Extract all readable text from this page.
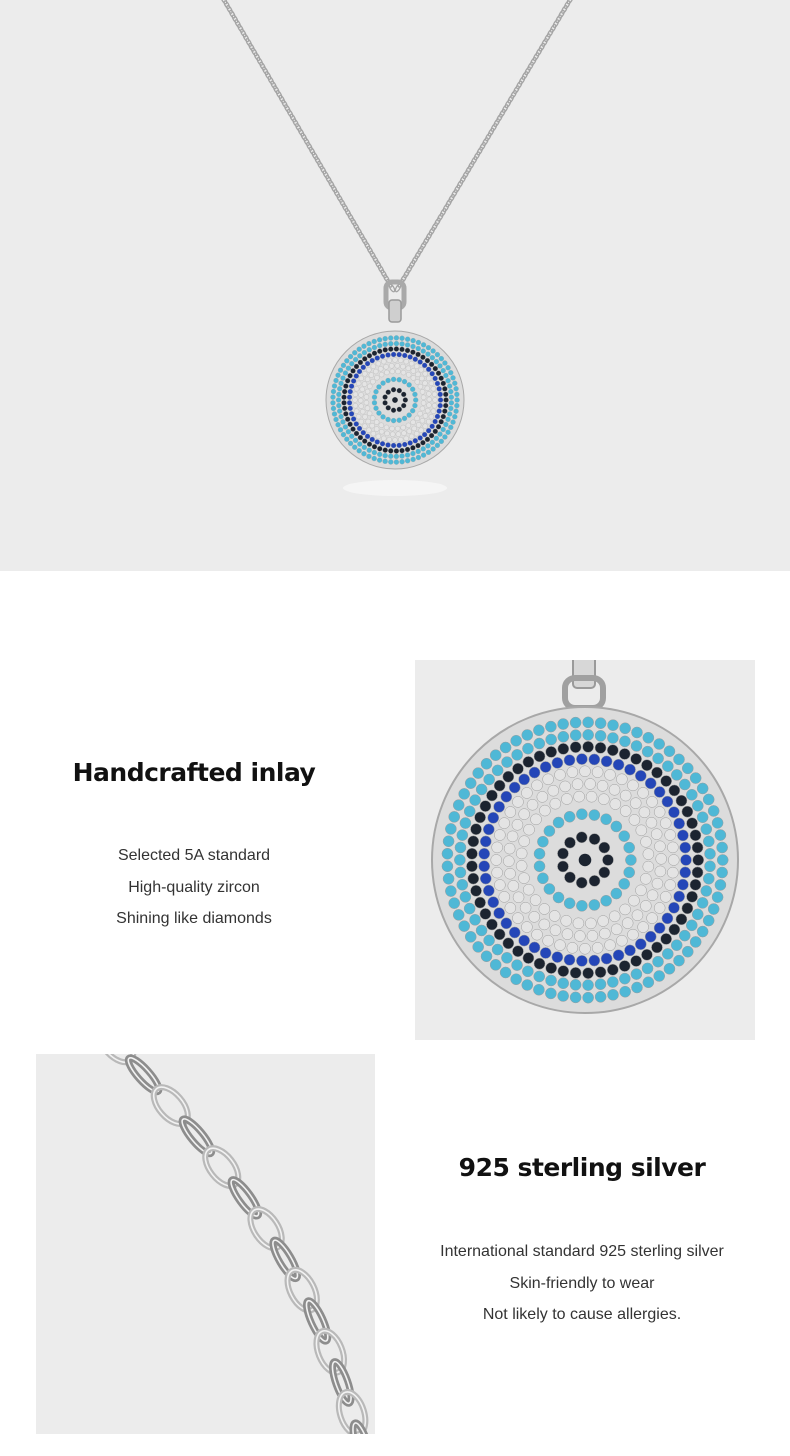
Handcrafted inlay
Selected 5A standard
High-quality zircon
Shining like diamonds
925 sterling silver
International standard 925 sterling silver
Skin-friendly to wear
Not likely to cause allergies.
